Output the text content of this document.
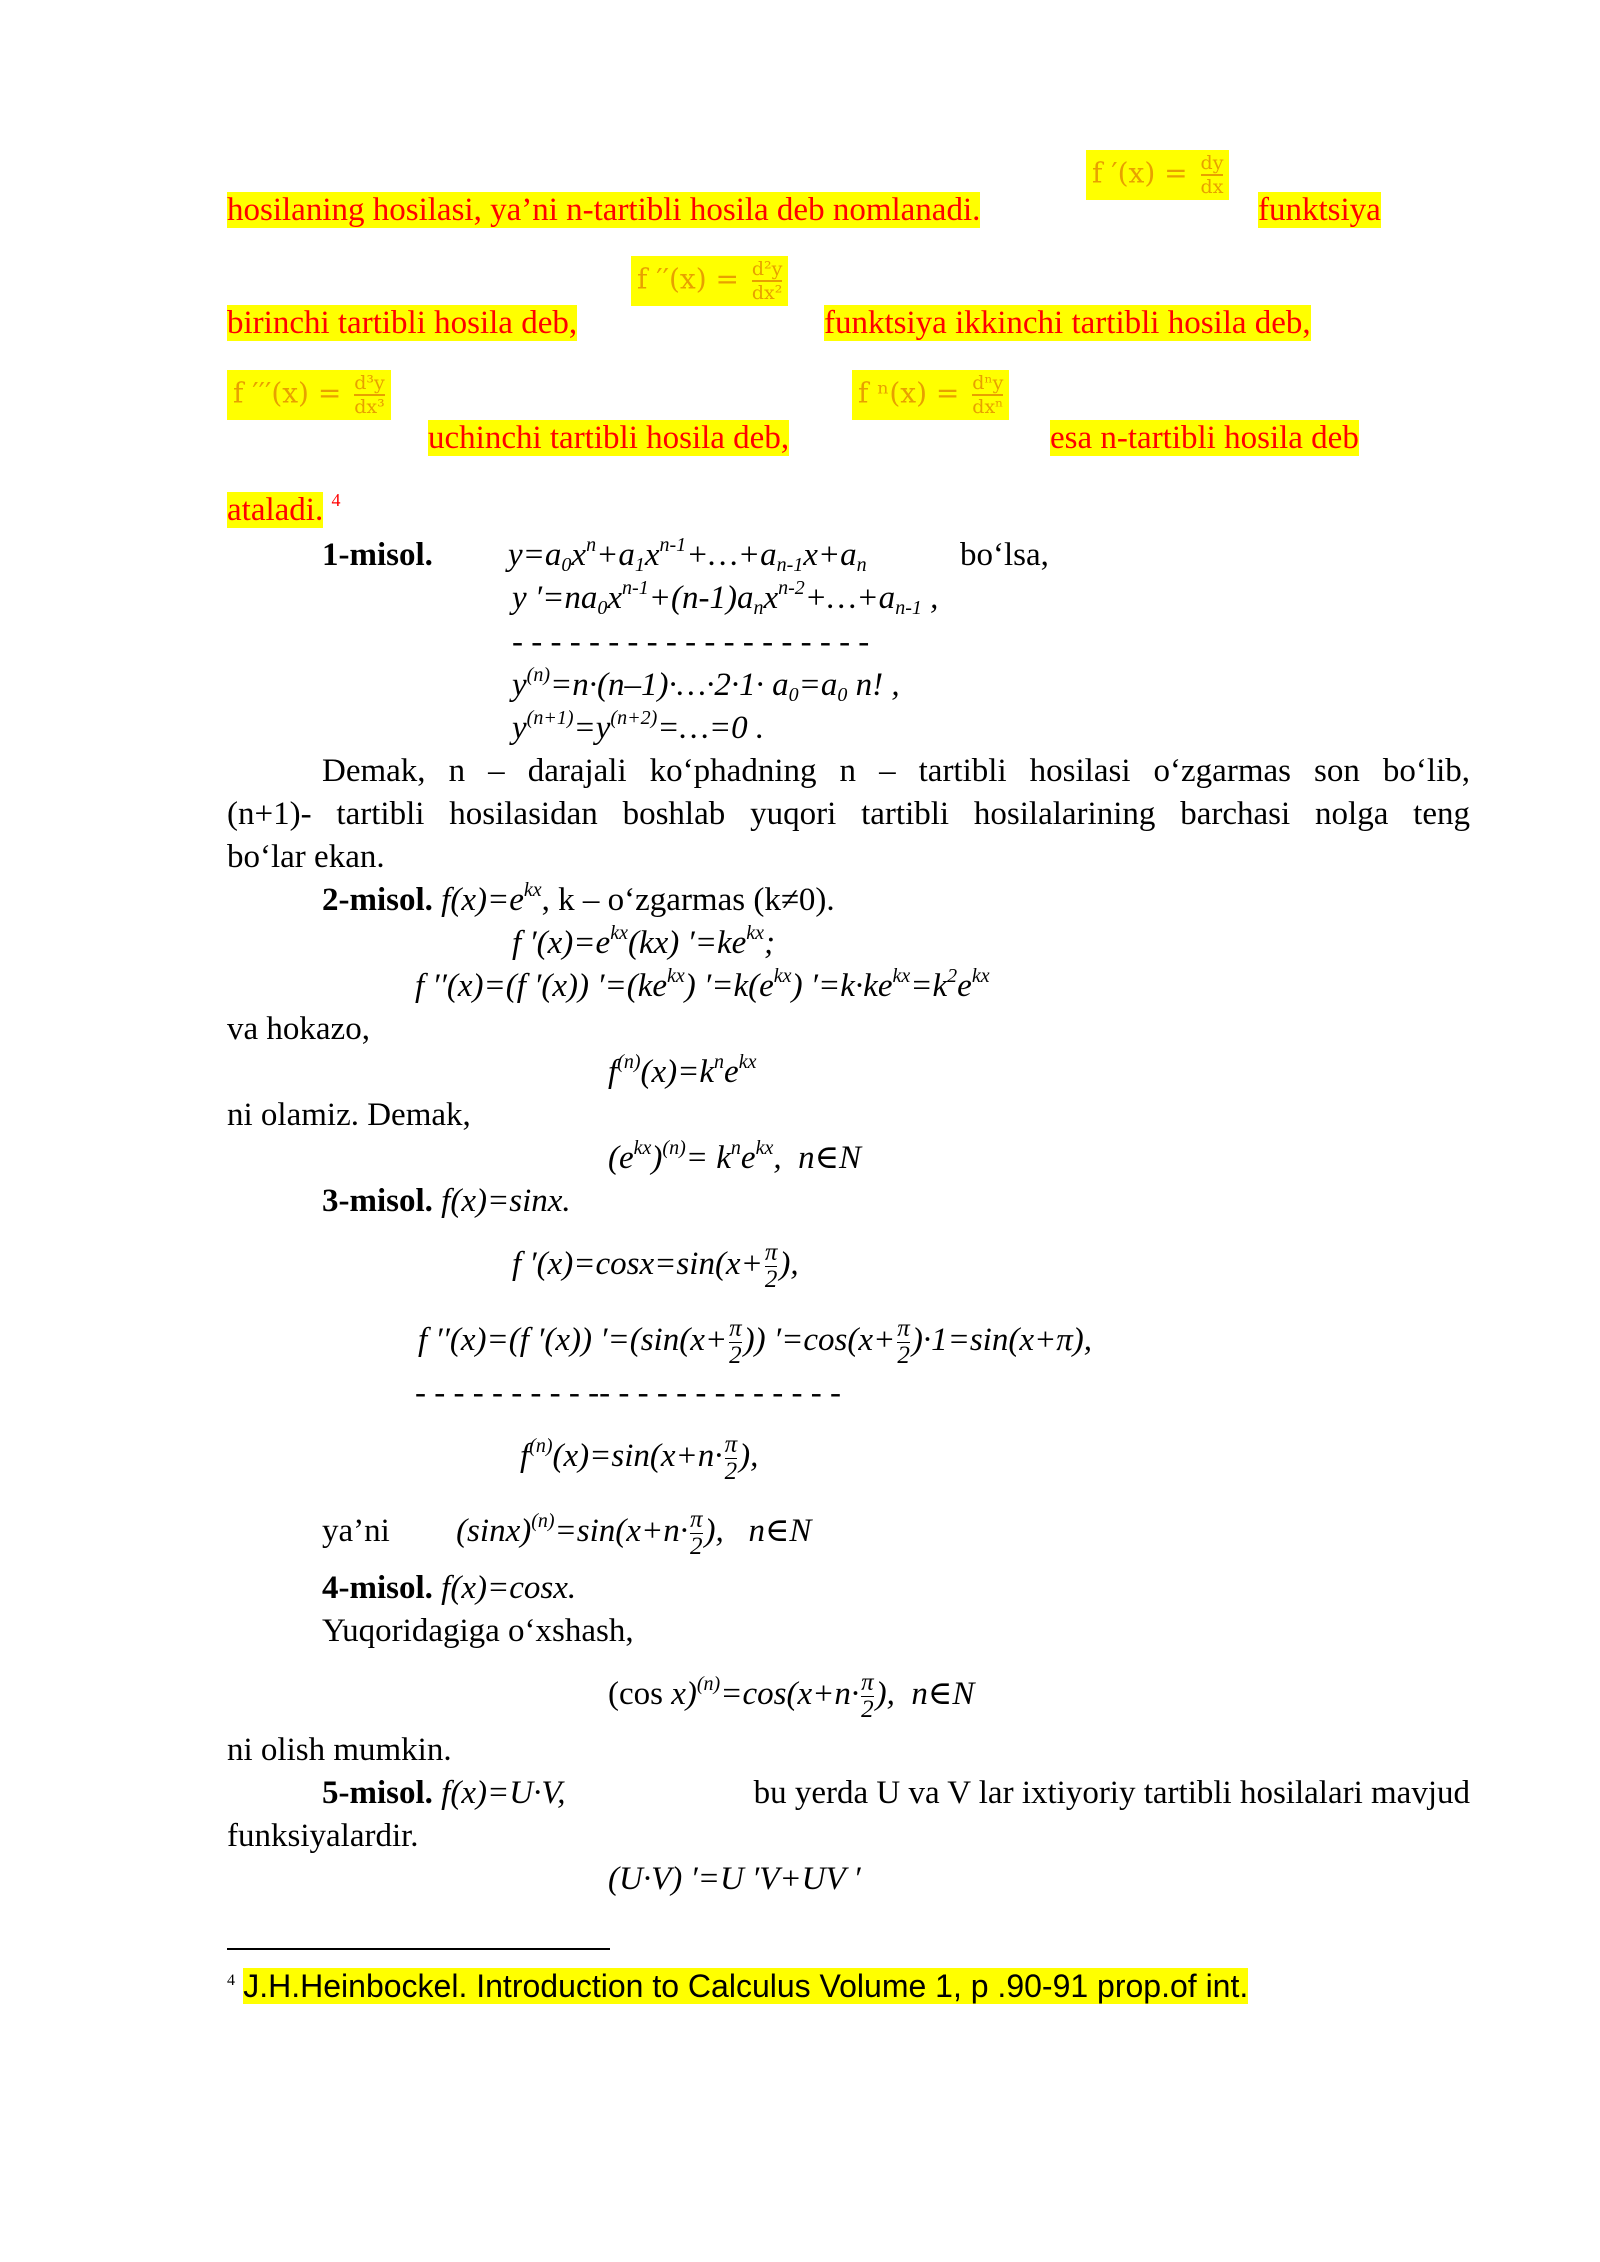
hosilaning hosilasi, ya’ni n-tartibli hosila deb nomlanadi.
f $'(x) = \frac{dy}{dx}$
funktsiya
birinchi tartibli hosila deb,
f $''(x) = \frac{\text{d²y}}{\text{dx²}}$
funktsiya ikkinchi tartibli hosila deb,
f $'''(x) = \frac{\text{d³y}}{\text{dx³}}$
uchinchi tartibli hosila deb,
f $^n(x) = \frac{\text{dⁿy}}{\text{dxⁿ}}$
esa n-tartibli hosila deb
ataladi. $^4$
1-misol. $y=a_0x^n+a_1x^{n-1}+\dots+a_{n-1}x+a_n$	bo‘lsa,
y $'=na_0x^{n-1}+(n-1)a_nx^{n-2}+\dots+a_{n-1}$ ,
- - - - - - - - - - - - - - - - - - -
$y^{(n)}=n\cdot(n-1)\cdot\dots\cdot 2\cdot 1\cdot a_0=a_0$ n! ,
$y^{(n+1)}=y^{(n+2)}=\dots=0$ .
Demak, n – darajali ko‘phadning n – tartibli hosilasi o‘zgarmas son bo‘lib,
(n+1)- tartibli hosilasidan boshlab yuqori tartibli hosilalarining barchasi nolga teng
bo‘lar ekan.
2-misol. $f(x)=e^{kx}$, k – o‘zgarmas (k≠0).
f $'(x)=e^{kx}(kx)$ $'=ke^{kx}$;
f ′′(x)=(f ′(x)) $'=(ke^{kx})$ $'=k(e^{kx})$ $'=k\cdot ke^{kx}=k^2e^{kx}$
va hokazo,
$f^{(n)}(x)=k^ne^{kx}$
ni olamiz. Demak,
$(e^{kx})^{(n)}= k^ne^{kx}$,  n∈N
3-misol. f(x)=sinx.
f $'(x)=\cos x=\sin(x+ \frac{\pi}{2}$ ),
f ′′(x)=(f ′(x)) $'=(\sin(x+ \frac{\pi}{2}$ )) $'=\cos(x+ \frac{\pi}{2} )\cdot 1=\sin(x+\pi)$,
- - - - - - - - - -- - - - - - - - - - - - -
$f^{(n)}(x)=\sin(x+n\cdot \frac{\pi}{2}$ ),
ya’ni $(\sin x)^{(n)}=\sin(x+n\cdot \frac{\pi}{2}$ ),   n∈N
4-misol. f(x)=cosx.
Yuqoridagiga o‘xshash,
(cos $x)^{(n)}=\cos(x+n\cdot \frac{\pi}{2}$ ),  n∈N
ni olish mumkin.
5-misol. f(x)=U·V,	bu yerda U va V lar ixtiyoriy tartibli hosilalari mavjud
funksiyalardir.
(U·V) ′=U ′V+UV ′
$^4$ J.H.Heinbockel. Introduction to Calculus Volume 1, p .90-91 prop.of int.
